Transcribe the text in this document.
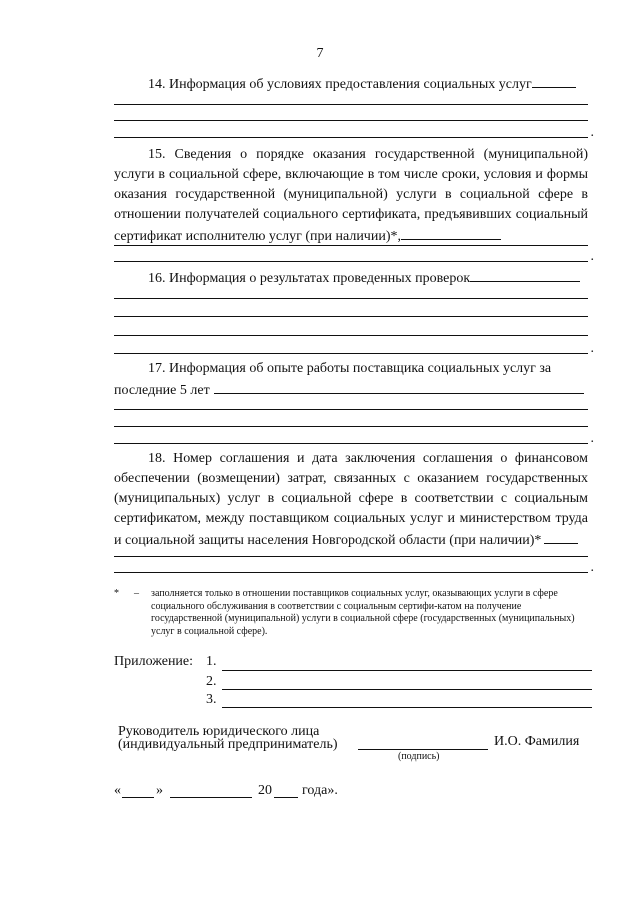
7
14. Информация об условиях предоставления социальных услуг
.
15. Сведения о порядке оказания государственной (муниципальной) услуги в социальной сфере, включающие в том числе сроки, условия и формы оказания государственной (муниципальной) услуги в социальной сфере в отношении получателей социального сертификата, предъявивших социальный сертификат исполнителю услуг (при наличии)*,
.
16. Информация о результатах проведенных проверок
.
17. Информация об опыте работы поставщика социальных услуг за
последние 5 лет
.
18. Номер соглашения и дата заключения соглашения о финансовом обеспечении (возмещении) затрат, связанных с оказанием государственных (муниципальных) услуг в социальной сфере в соответствии с социальным сертификатом, между поставщиком социальных услуг и министерством труда и социальной защиты населения Новгородской области (при наличии)*
.
* – заполняется только в отношении поставщиков социальных услуг, оказывающих услуги в сфере социального обслуживания в соответствии с социальным сертифи-катом на получение государственной (муниципальной) услуги в социальной сфере (государственных (муниципальных) услуг в социальной сфере).
Приложение: 1.
2.
3.
Руководитель юридического лица
(индивидуальный предприниматель)
(подпись)
И.О. Фамилия
«	»	20 года».
